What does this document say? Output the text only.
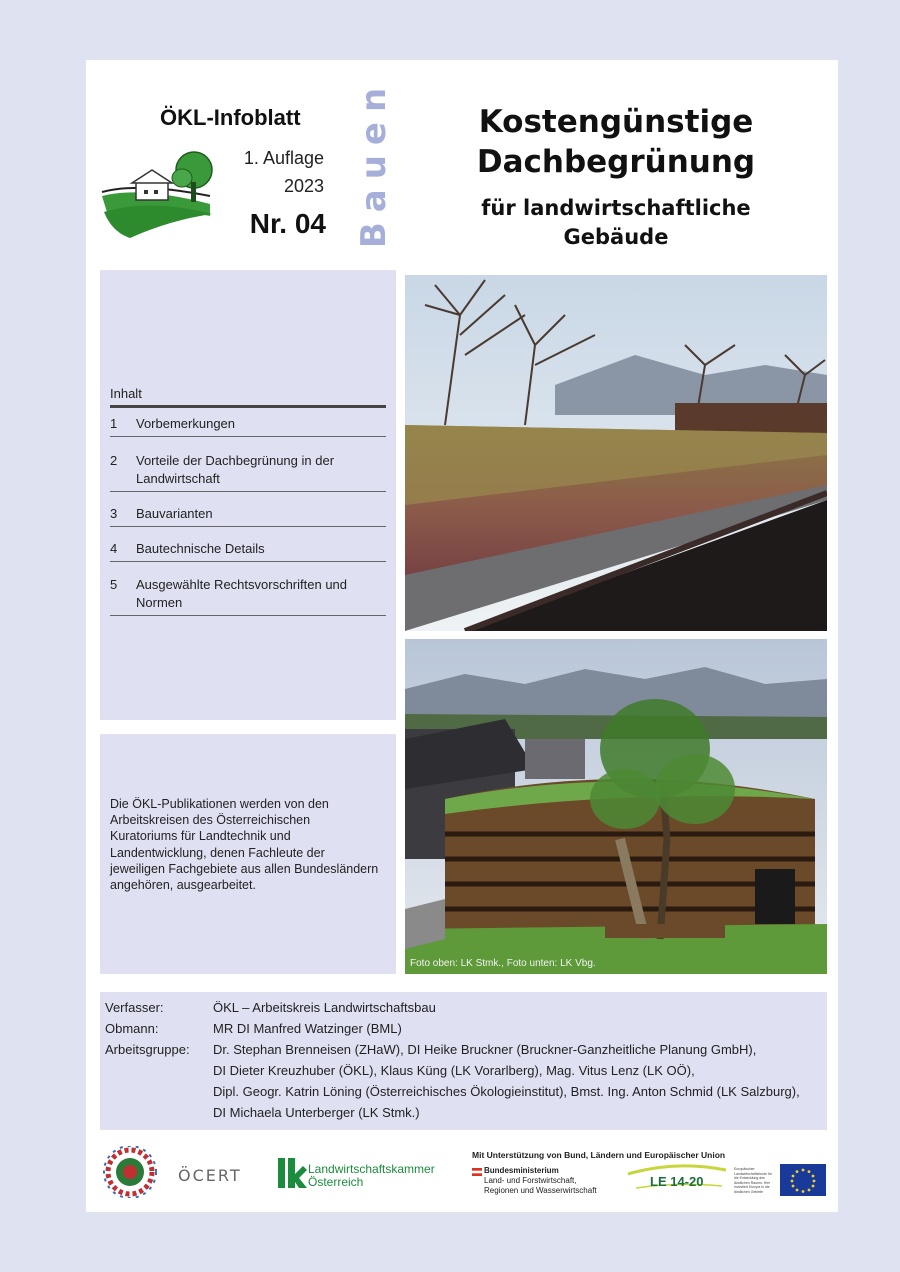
ÖKL-Infoblatt
1. Auflage
2023
Nr. 04 Bauen	Kostengünstige
Dachbegrünung
für landwirtschaftliche
Gebäude
Inhalt
1	Vorbemerkungen
2	Vorteile der Dachbegrünung in der Landwirtschaft
3	Bauvarianten
4	Bautechnische Details
5	Ausgewählte Rechtsvorschriften und Normen
Die ÖKL-Publikationen werden von den Arbeitskreisen des Österreichischen Kuratoriums für Landtechnik und Landentwicklung, denen Fachleute der jeweiligen Fachgebiete aus allen Bundesländern angehören, ausgearbeitet.
Foto oben: LK Stmk., Foto unten: LK Vbg.
Verfasser:	ÖKL – Arbeitskreis Landwirtschaftsbau
Obmann:	MR DI Manfred Watzinger (BML)
Arbeitsgruppe:	Dr. Stephan Brenneisen (ZHaW), DI Heike Bruckner (Bruckner-Ganzheitliche Planung GmbH),
DI Dieter Kreuzhuber (ÖKL), Klaus Küng (LK Vorarlberg), Mag. Vitus Lenz (LK OÖ),
Dipl. Geogr. Katrin Löning (Österreichisches Ökologieinstitut), Bmst. Ing. Anton Schmid (LK Salzburg),
DI Michaela Unterberger (LK Stmk.)
ÖCERT	Landwirtschaftskammer
Österreich
Mit Unterstützung von Bund, Ländern und Europäischer Union
Bundesministerium
Land- und Forstwirtschaft,
Regionen und Wasserwirtschaft
LE 14-20
Europäischer Landwirtschaftsfonds für die Entwicklung des ländlichen Raums: Hier investiert Europa in die ländlichen Gebiete
